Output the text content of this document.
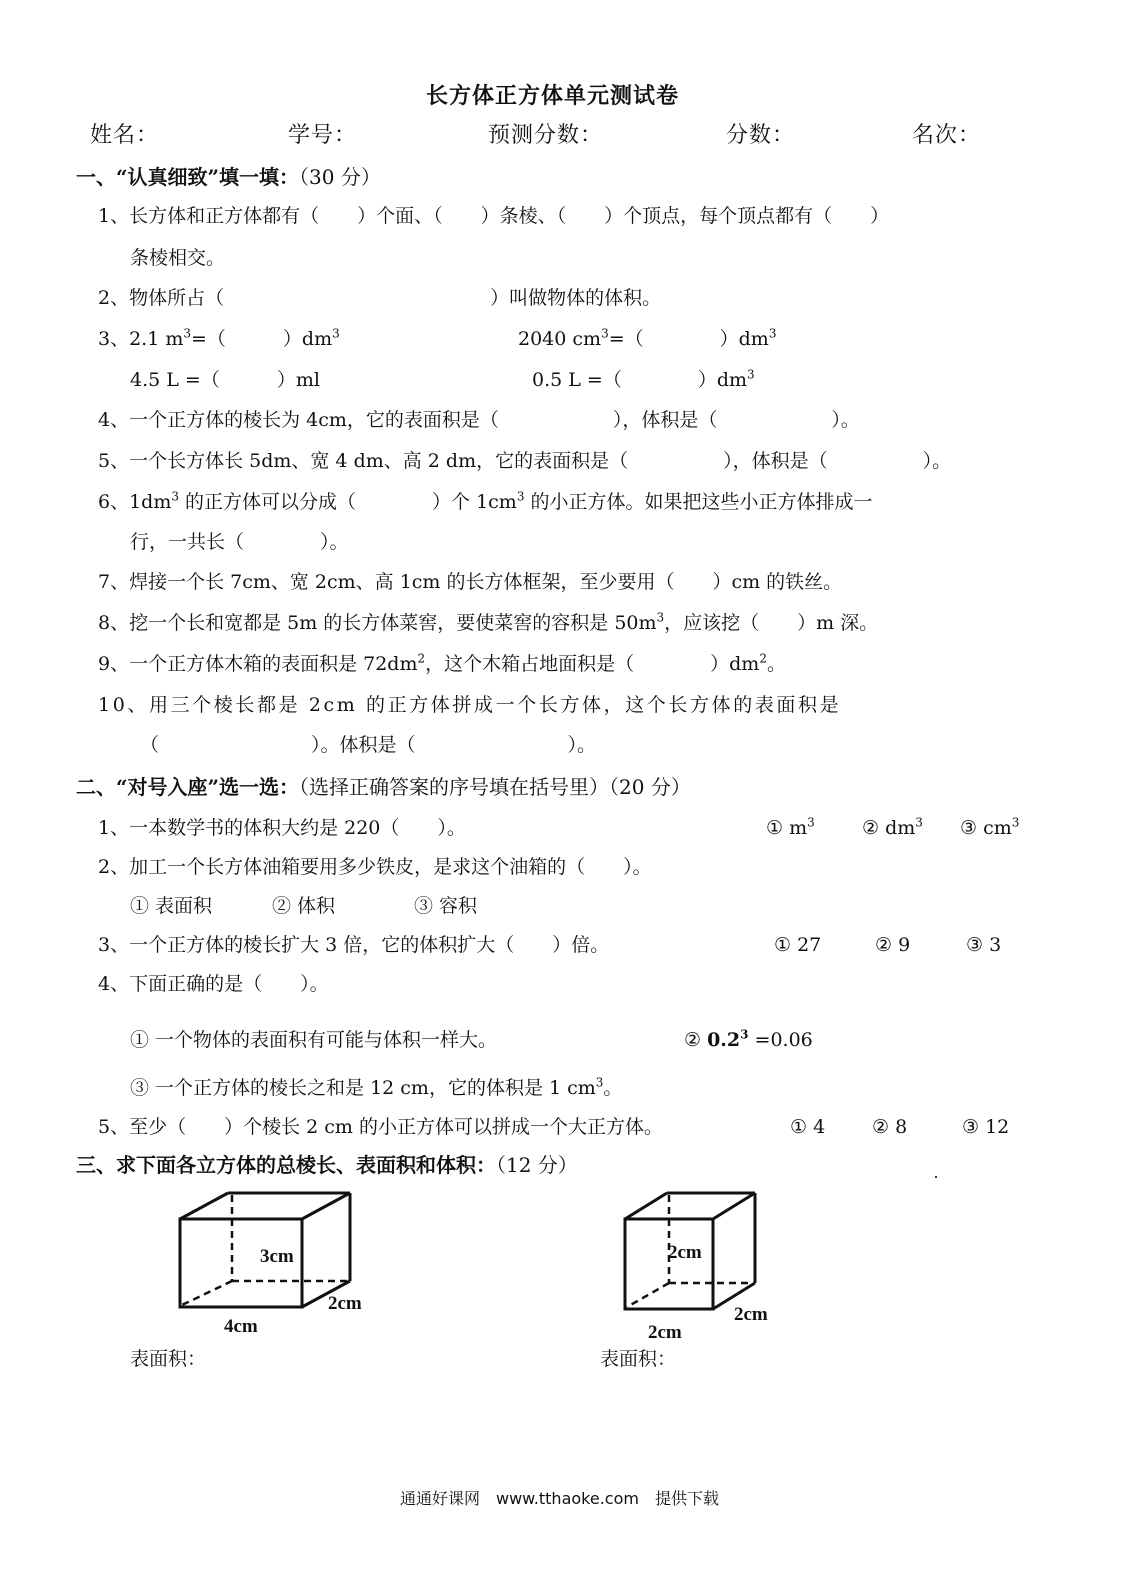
长方体正方体单元测试卷
姓名：	学号：	预测分数：	分数：	名次：
一、“认真细致”填一填：（30 分）
1、长方体和正方体都有（　　）个面、（　　）条棱、（　　）个顶点，每个顶点都有（　　）
条棱相交。
2、物体所占（　　　　　　　　　　　　　　）叫做物体的体积。
3、2.1 $m^3=$（　　　）$dm^3$	2040 $cm^3=$（　　　　）$dm^3$
4.5 L =（　　　）ml	0.5 L =（　　　　）$dm^3$
4、一个正方体的棱长为 4cm，它的表面积是（　　　　　　），体积是（　　　　　　）。
5、一个长方体长 5dm、宽 4 dm、高 2 dm，它的表面积是（　　　　　），体积是（　　　　　）。
6、$1dm^3$ 的正方体可以分成（　　　　）个 $1cm^3$ 的小正方体。如果把这些小正方体排成一
行，一共长（　　　　）。
7、焊接一个长 7cm、宽 2cm、高 1cm 的长方体框架，至少要用（　　）cm 的铁丝。
8、挖一个长和宽都是 5m 的长方体菜窖，要使菜窖的容积是 $50m^3$，应该挖（　　）m 深。
9、一个正方体木箱的表面积是 $72dm^2$，这个木箱占地面积是（　　　　）$dm^2$。
10、用三个棱长都是 2cm 的正方体拼成一个长方体，这个长方体的表面积是
（　　　　　　　　）。体积是（　　　　　　　　）。
二、“对号入座”选一选：（选择正确答案的序号填在括号里）（20 分）
1、一本数学书的体积大约是 220（　　）。	① $m^3$ ② $dm^3$ ③ $cm^3$
2、加工一个长方体油箱要用多少铁皮，是求这个油箱的（　　）。
① 表面积	② 体积	③ 容积
3、一个正方体的棱长扩大 3 倍，它的体积扩大（　　）倍。	① 27	② 9	③ 3
4、下面正确的是（　　）。
① 一个物体的表面积有可能与体积一样大。	② $0.2^3 =0.06$
③ 一个正方体的棱长之和是 12 cm，它的体积是 1 $cm^3$。
5、至少（　　）个棱长 2 cm 的小正方体可以拼成一个大正方体。	① 4 ② 8	③ 12
三、求下面各立方体的总棱长、表面积和体积：（12 分）
3cm
2cm
4cm
表面积：
2cm
2cm
2cm
表面积：
通通好课网　www.tthaoke.com　提供下载
